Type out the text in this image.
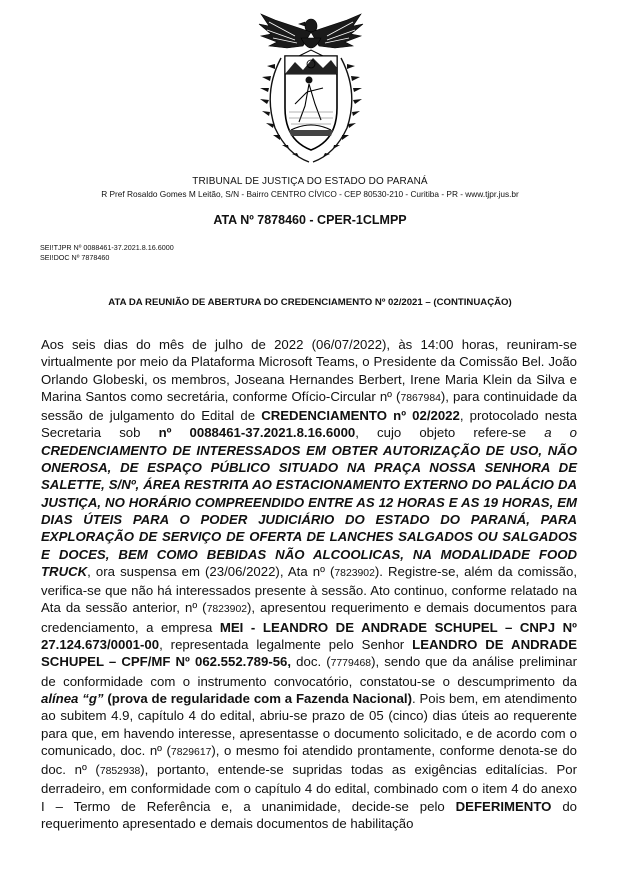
TRIBUNAL DE JUSTIÇA DO ESTADO DO PARANÁ
R Pref Rosaldo Gomes M Leitão, S/N - Bairro CENTRO CÍVICO - CEP 80530-210 - Curitiba - PR - www.tjpr.jus.br
ATA Nº 7878460 - CPER-1CLMPP
SEI!TJPR Nº 0088461-37.2021.8.16.6000
SEI!DOC Nº 7878460
ATA DA REUNIÃO DE ABERTURA DO CREDENCIAMENTO Nº 02/2021 – (CONTINUAÇÃO)

Aos seis dias do mês de julho de 2022 (06/07/2022), às 14:00 horas, reuniram-se virtualmente por meio da Plataforma Microsoft Teams, o Presidente da Comissão Bel. João Orlando Globeski, os membros, Joseana Hernandes Berbert, Irene Maria Klein da Silva e Marina Santos como secretária, conforme Ofício-Circular nº (7867984), para continuidade da sessão de julgamento do Edital de CREDENCIAMENTO nº 02/2022, protocolado nesta Secretaria sob nº 0088461-37.2021.8.16.6000, cujo objeto refere-se a o CREDENCIAMENTO DE INTERESSADOS EM OBTER AUTORIZAÇÃO DE USO, NÃO ONEROSA, DE ESPAÇO PÚBLICO SITUADO NA PRAÇA NOSSA SENHORA DE SALETTE, S/Nº, ÁREA RESTRITA AO ESTACIONAMENTO EXTERNO DO PALÁCIO DA JUSTIÇA, NO HORÁRIO COMPREENDIDO ENTRE AS 12 HORAS E AS 19 HORAS, EM DIAS ÚTEIS PARA O PODER JUDICIÁRIO DO ESTADO DO PARANÁ, PARA EXPLORAÇÃO DE SERVIÇO DE OFERTA DE LANCHES SALGADOS OU SALGADOS E DOCES, BEM COMO BEBIDAS NÃO ALCOOLICAS, NA MODALIDADE FOOD TRUCK, ora suspensa em (23/06/2022), Ata nº (7823902). Registre-se, além da comissão, verifica-se que não há interessados presente à sessão. Ato continuo, conforme relatado na Ata da sessão anterior, nº (7823902), apresentou requerimento e demais documentos para credenciamento, a empresa MEI - LEANDRO DE ANDRADE SCHUPEL – CNPJ Nº 27.124.673/0001-00, representada legalmente pelo Senhor LEANDRO DE ANDRADE SCHUPEL – CPF/MF Nº 062.552.789-56, doc. (7779468), sendo que da análise preliminar de conformidade com o instrumento convocatório, constatou-se o descumprimento da alínea “g” (prova de regularidade com a Fazenda Nacional). Pois bem, em atendimento ao subitem 4.9, capítulo 4 do edital, abriu-se prazo de 05 (cinco) dias úteis ao requerente para que, em havendo interesse, apresentasse o documento solicitado, e de acordo com o comunicado, doc. nº (7829617), o mesmo foi atendido prontamente, conforme denota-se do doc. nº (7852938), portanto, entende-se supridas todas as exigências editalícias. Por derradeiro, em conformidade com o capítulo 4 do edital, combinado com o item 4 do anexo I – Termo de Referência e, a unanimidade, decide-se pelo DEFERIMENTO do requerimento apresentado e demais documentos de habilitação
